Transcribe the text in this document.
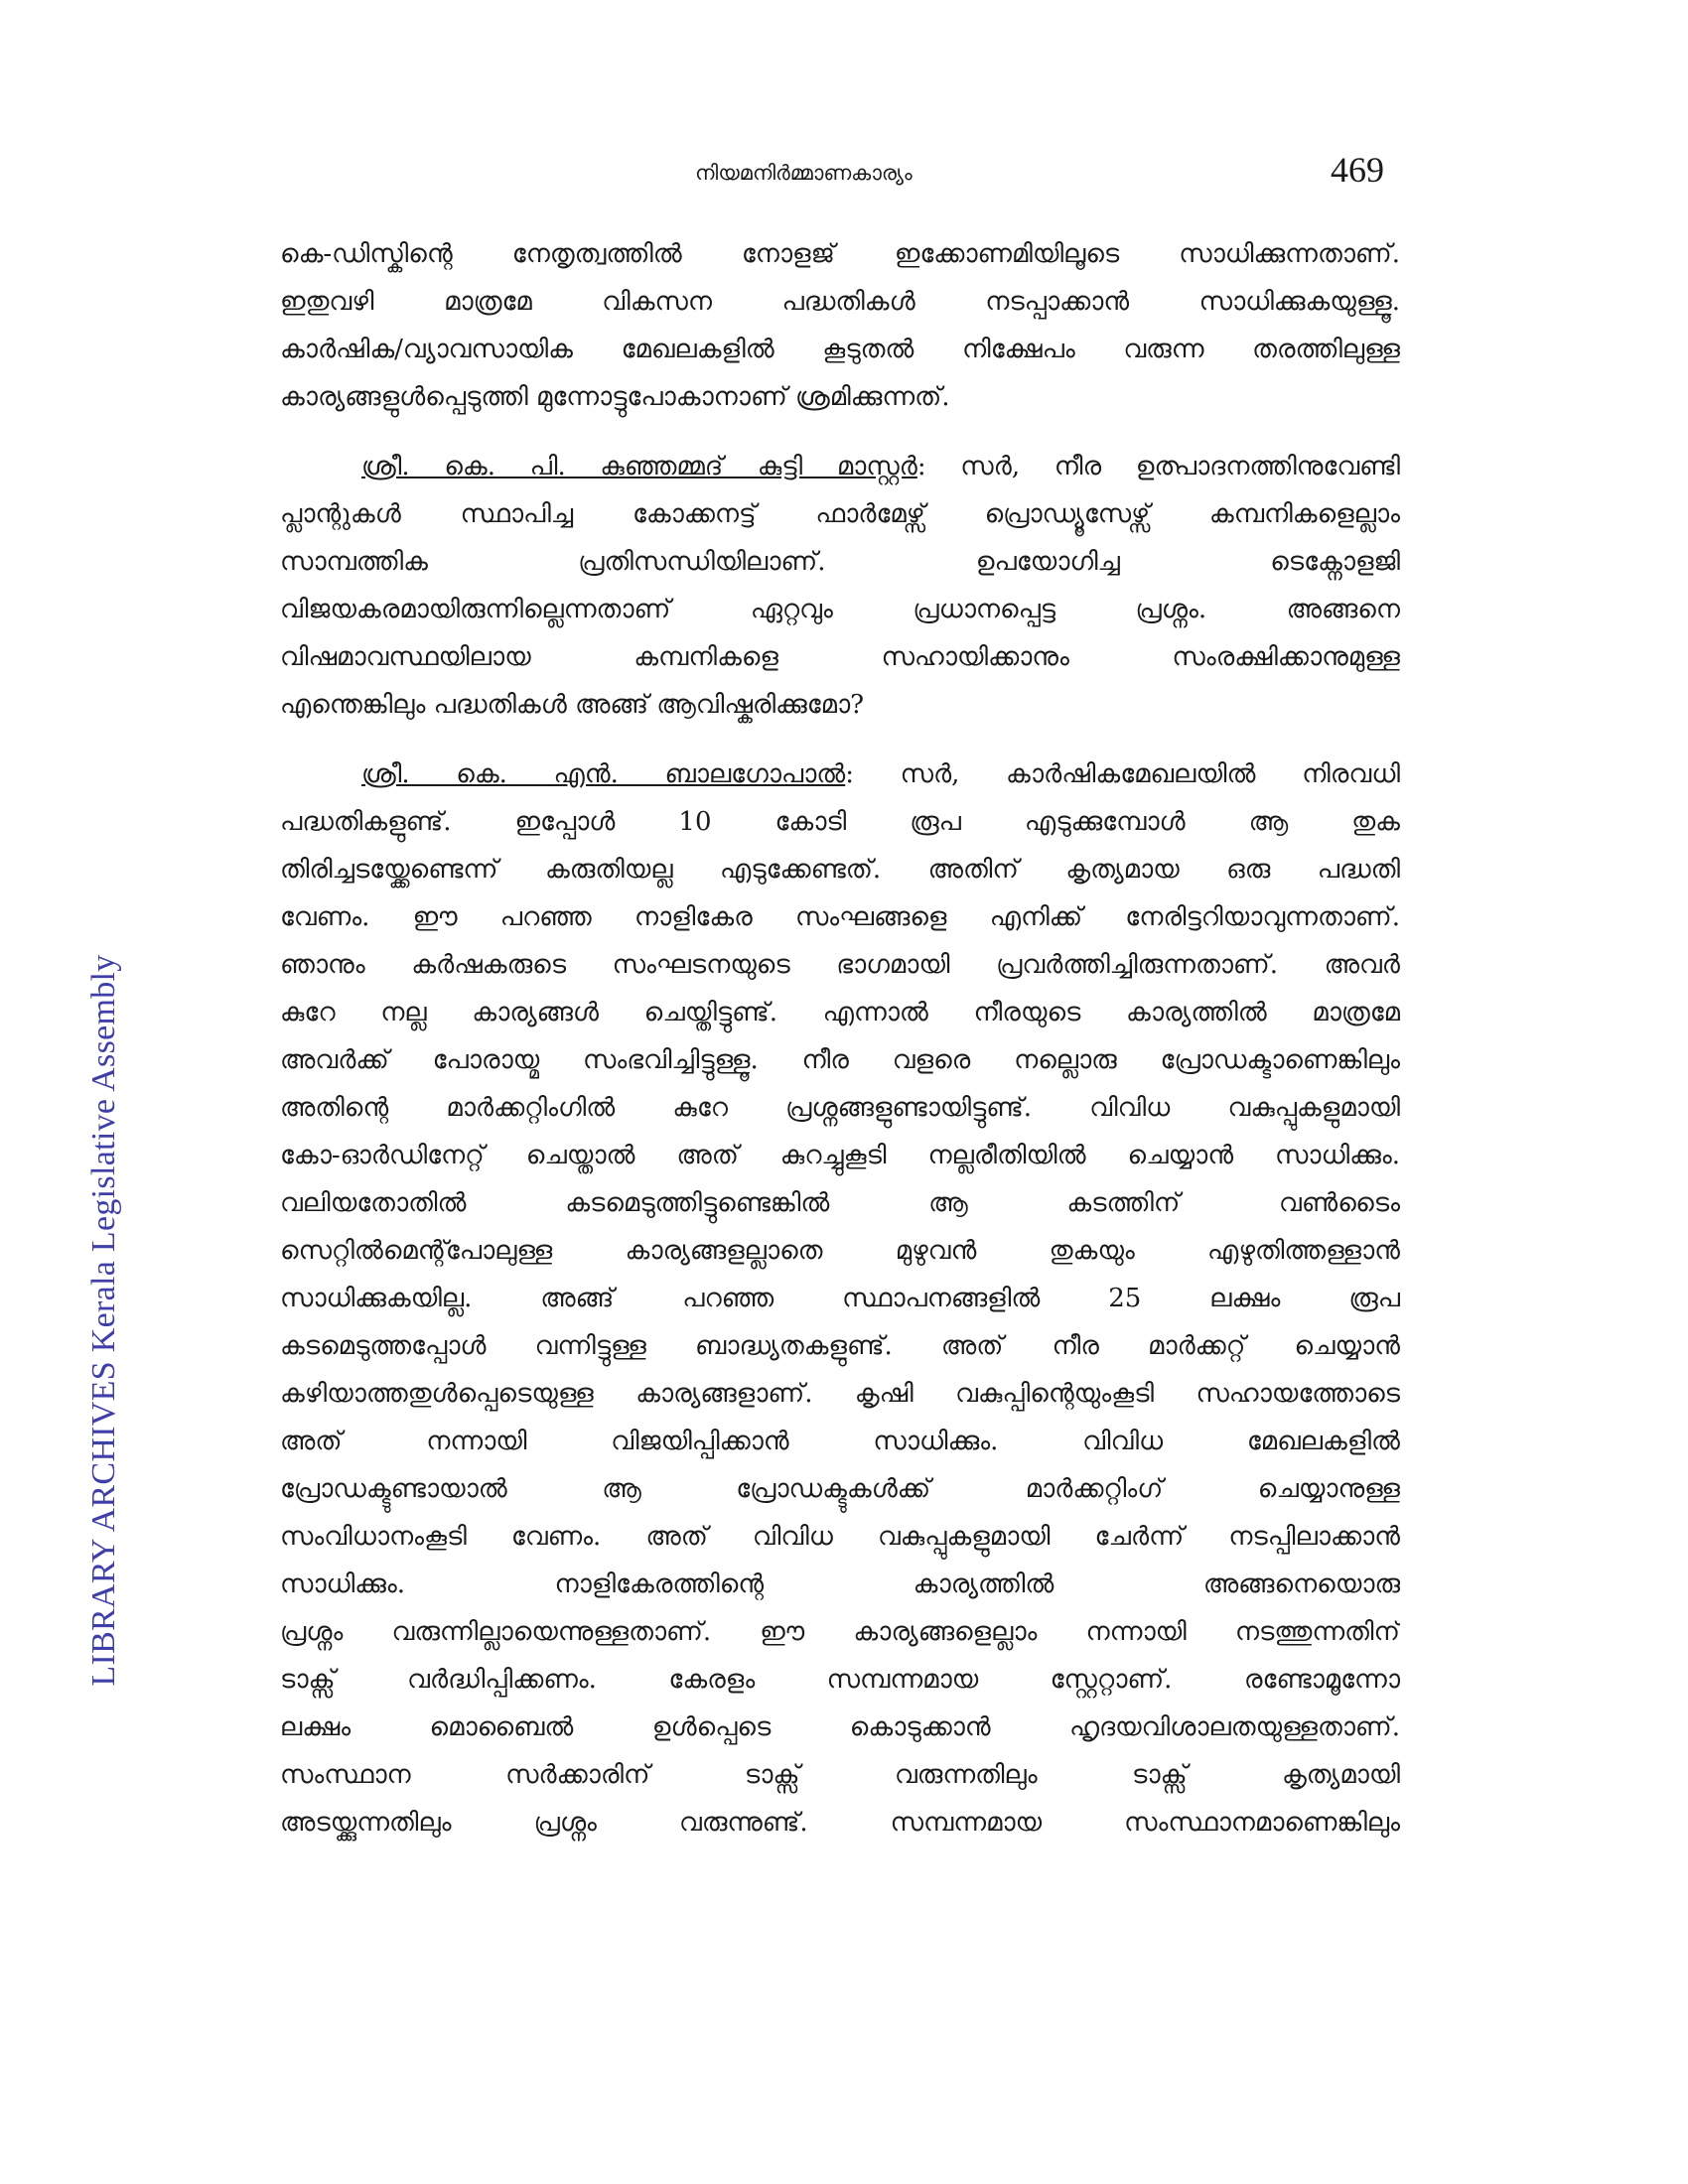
LIBRARY ARCHIVES Kerala Legislative Assembly
നിയമനിർമ്മാണകാര്യം	469
കെ-ഡിസ്കിന്റെ നേതൃത്വത്തിൽ നോളജ് ഇക്കോണമിയിലൂടെ സാധിക്കുന്നതാണ്.
ഇതുവഴി മാത്രമേ വികസന പദ്ധതികൾ നടപ്പാക്കാൻ സാധിക്കുകയുള്ളൂ.
കാർഷിക/വ്യാവസായിക മേഖലകളിൽ കൂടുതൽ നിക്ഷേപം വരുന്ന തരത്തിലുള്ള
കാര്യങ്ങളുൾപ്പെടുത്തി മുന്നോട്ടുപോകാനാണ് ശ്രമിക്കുന്നത്.
ശ്രീ. കെ. പി. കുഞ്ഞമ്മദ് കുട്ടി മാസ്റ്റർ: സർ, നീര ഉത്പാദനത്തിനുവേണ്ടി
പ്ലാന്റുകൾ സ്ഥാപിച്ച കോക്കനട്ട് ഫാർമേഴ്സ് പ്രൊഡ്യൂസേഴ്സ് കമ്പനികളെല്ലാം
സാമ്പത്തിക പ്രതിസന്ധിയിലാണ്. ഉപയോഗിച്ച ടെക്നോളജി
വിജയകരമായിരുന്നില്ലെന്നതാണ് ഏറ്റവും പ്രധാനപ്പെട്ട പ്രശ്നം. അങ്ങനെ
വിഷമാവസ്ഥയിലായ കമ്പനികളെ സഹായിക്കാനും സംരക്ഷിക്കാനുമുള്ള
എന്തെങ്കിലും പദ്ധതികൾ അങ്ങ് ആവിഷ്കരിക്കുമോ?
ശ്രീ. കെ. എൻ. ബാലഗോപാൽ: സർ, കാർഷികമേഖലയിൽ നിരവധി
പദ്ധതികളുണ്ട്. ഇപ്പോൾ 10 കോടി രൂപ എടുക്കുമ്പോൾ ആ തുക
തിരിച്ചടയ്ക്കേണ്ടെന്ന് കരുതിയല്ല എടുക്കേണ്ടത്. അതിന് കൃത്യമായ ഒരു പദ്ധതി
വേണം. ഈ പറഞ്ഞ നാളികേര സംഘങ്ങളെ എനിക്ക് നേരിട്ടറിയാവുന്നതാണ്.
ഞാനും കർഷകരുടെ സംഘടനയുടെ ഭാഗമായി പ്രവർത്തിച്ചിരുന്നതാണ്. അവർ
കുറേ നല്ല കാര്യങ്ങൾ ചെയ്തിട്ടുണ്ട്. എന്നാൽ നീരയുടെ കാര്യത്തിൽ മാത്രമേ
അവർക്ക് പോരായ്മ സംഭവിച്ചിട്ടുള്ളൂ. നീര വളരെ നല്ലൊരു പ്രോഡക്ടാണെങ്കിലും
അതിന്റെ മാർക്കറ്റിംഗിൽ കുറേ പ്രശ്നങ്ങളുണ്ടായിട്ടുണ്ട്. വിവിധ വകുപ്പുകളുമായി
കോ-ഓർഡിനേറ്റ് ചെയ്താൽ അത് കുറച്ചുകൂടി നല്ലരീതിയിൽ ചെയ്യാൻ സാധിക്കും.
വലിയതോതിൽ കടമെടുത്തിട്ടുണ്ടെങ്കിൽ ആ കടത്തിന് വൺടൈം
സെറ്റിൽമെന്റ്പോലുള്ള കാര്യങ്ങളല്ലാതെ മുഴുവൻ തുകയും എഴുതിത്തള്ളാൻ
സാധിക്കുകയില്ല. അങ്ങ് പറഞ്ഞ സ്ഥാപനങ്ങളിൽ 25 ലക്ഷം രൂപ
കടമെടുത്തപ്പോൾ വന്നിട്ടുള്ള ബാദ്ധ്യതകളുണ്ട്. അത് നീര മാർക്കറ്റ് ചെയ്യാൻ
കഴിയാത്തതുൾപ്പെടെയുള്ള കാര്യങ്ങളാണ്. കൃഷി വകുപ്പിന്റെയുംകൂടി സഹായത്തോടെ
അത് നന്നായി വിജയിപ്പിക്കാൻ സാധിക്കും. വിവിധ മേഖലകളിൽ
പ്രോഡക്ടുണ്ടായാൽ ആ പ്രോഡക്ടുകൾക്ക് മാർക്കറ്റിംഗ് ചെയ്യാനുള്ള
സംവിധാനംകൂടി വേണം. അത് വിവിധ വകുപ്പുകളുമായി ചേർന്ന് നടപ്പിലാക്കാൻ
സാധിക്കും. നാളികേരത്തിന്റെ കാര്യത്തിൽ അങ്ങനെയൊരു
പ്രശ്നം വരുന്നില്ലായെന്നുള്ളതാണ്. ഈ കാര്യങ്ങളെല്ലാം നന്നായി നടത്തുന്നതിന്
ടാക്സ് വർദ്ധിപ്പിക്കണം. കേരളം സമ്പന്നമായ സ്റ്റേറ്റാണ്. രണ്ടോമൂന്നോ
ലക്ഷം മൊബൈൽ ഉൾപ്പെടെ കൊടുക്കാൻ ഹൃദയവിശാലതയുള്ളതാണ്.
സംസ്ഥാന സർക്കാരിന് ടാക്സ് വരുന്നതിലും ടാക്സ് കൃത്യമായി
അടയ്ക്കുന്നതിലും പ്രശ്നം വരുന്നുണ്ട്. സമ്പന്നമായ സംസ്ഥാനമാണെങ്കിലും
